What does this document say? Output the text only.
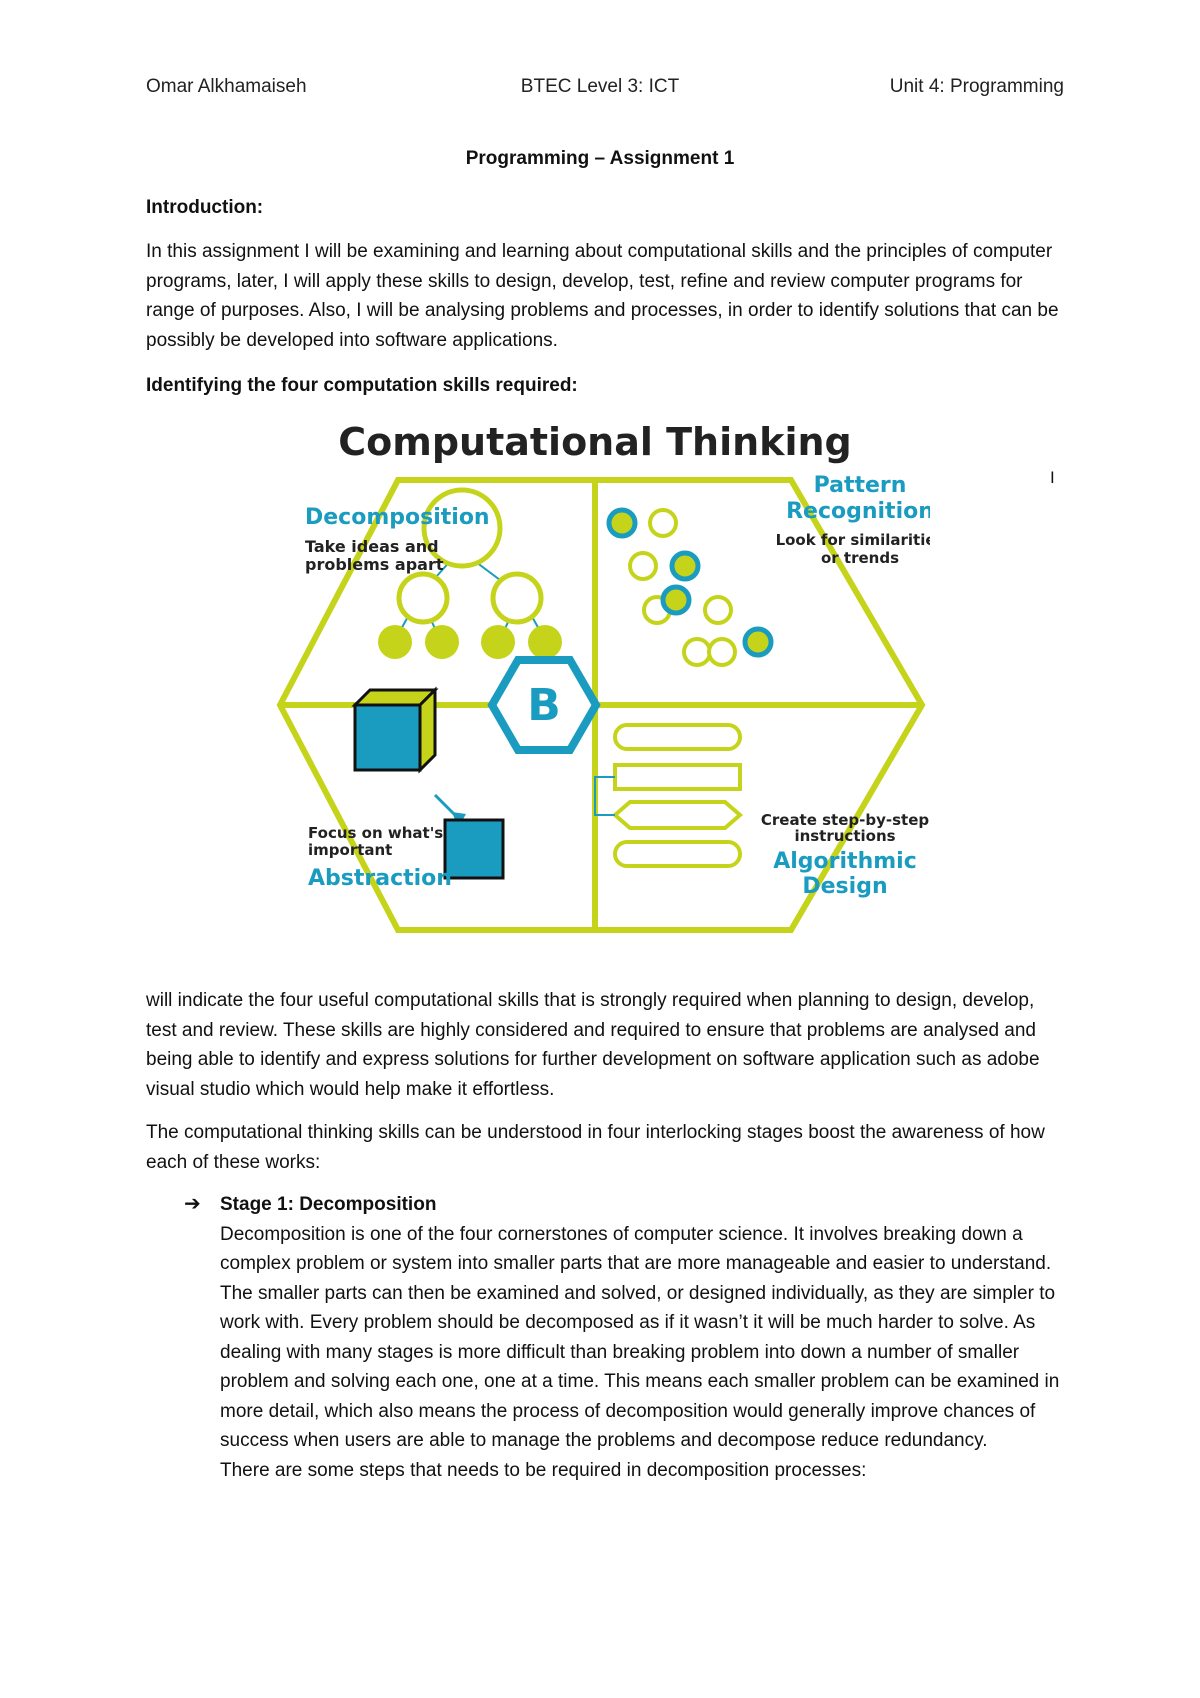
Omar Alkhamaiseh	BTEC Level 3: ICT	Unit 4: Programming
Programming – Assignment 1
Introduction:
In this assignment I will be examining and learning about computational skills and the principles of computer programs, later, I will apply these skills to design, develop, test, refine and review computer programs for range of purposes. Also, I will be analysing problems and processes, in order to identify solutions that can be possibly be developed into software applications.
Identifying the four computation skills required:
I
Computational Thinking
Decomposition
Take ideas and
problems apart
Pattern
Recognition
Look for similarities
or trends
B
Focus on what's
important
Abstraction
Create step-by-step
instructions
Algorithmic
Design
will indicate the four useful computational skills that is strongly required when planning to design, develop, test and review. These skills are highly considered and required to ensure that problems are analysed and being able to identify and express solutions for further development on software application such as adobe visual studio which would help make it effortless.
The computational thinking skills can be understood in four interlocking stages boost the awareness of how each of these works:
➔ Stage 1: Decomposition
Decomposition is one of the four cornerstones of computer science. It involves breaking down a complex problem or system into smaller parts that are more manageable and easier to understand. The smaller parts can then be examined and solved, or designed individually, as they are simpler to work with. Every problem should be decomposed as if it wasn’t it will be much harder to solve. As dealing with many stages is more difficult than breaking problem into down a number of smaller problem and solving each one, one at a time. This means each smaller problem can be examined in more detail, which also means the process of decomposition would generally improve chances of success when users are able to manage the problems and decompose reduce redundancy.
There are some steps that needs to be required in decomposition processes:
